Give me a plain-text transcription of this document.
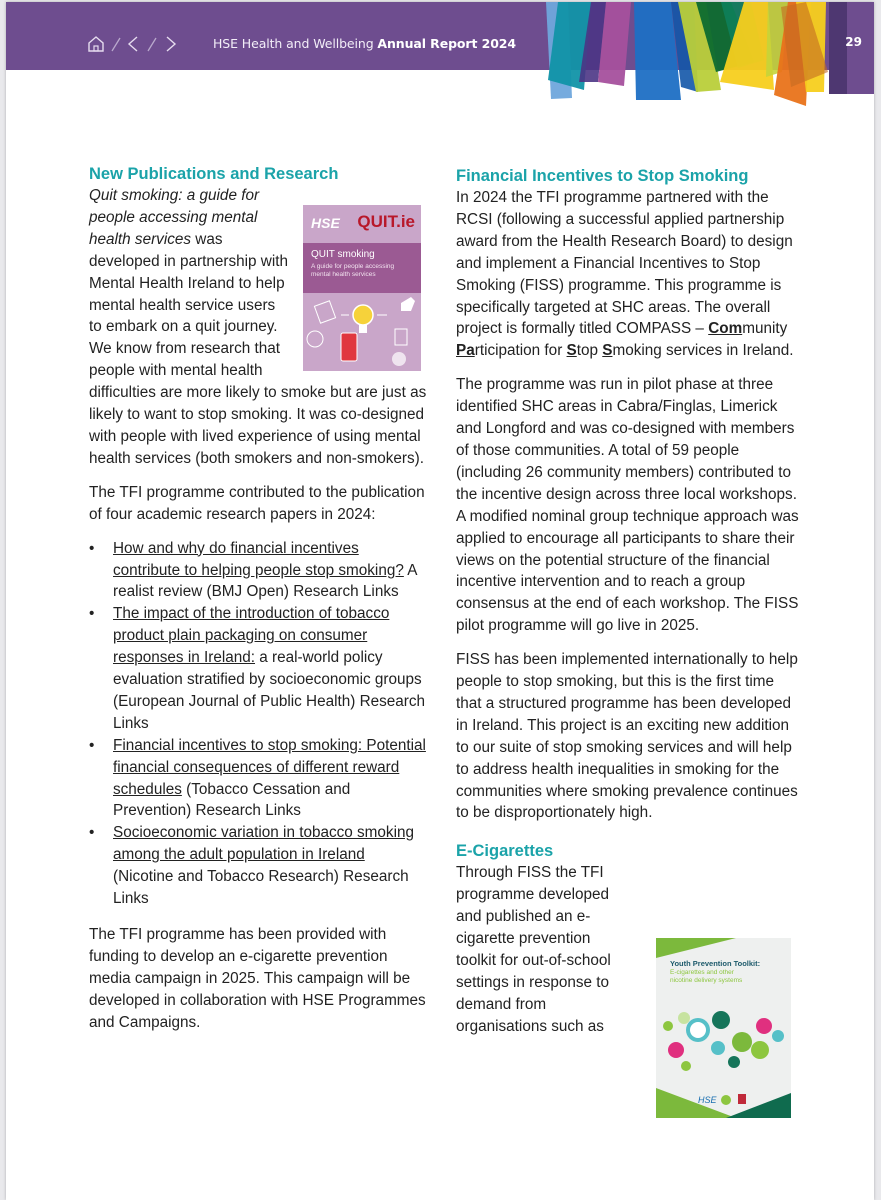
HSE Health and Wellbeing Annual Report 2024	29
New Publications and Research
HSE QUIT.ie
QUIT smoking
A guide for people accessing mental health services

Quit smoking: a guide for people accessing mental health services was developed in partnership with Mental Health Ireland to help mental health service users to embark on a quit journey. We know from research that people with mental health difficulties are more likely to smoke but are just as likely to want to stop smoking. It was co-designed with people with lived experience of using mental health services (both smokers and non-smokers).

The TFI programme contributed to the publication of four academic research papers in 2024:

• How and why do financial incentives contribute to helping people stop smoking? A realist review (BMJ Open) Research Links
• The impact of the introduction of tobacco product plain packaging on consumer responses in Ireland: a real-world policy evaluation stratified by socioeconomic groups (European Journal of Public Health) Research Links
• Financial incentives to stop smoking: Potential financial consequences of different reward schedules (Tobacco Cessation and Prevention) Research Links
• Socioeconomic variation in tobacco smoking among the adult population in Ireland (Nicotine and Tobacco Research) Research Links

The TFI programme has been provided with funding to develop an e-cigarette prevention media campaign in 2025. This campaign will be developed in collaboration with HSE Programmes and Campaigns.

Financial Incentives to Stop Smoking

In 2024 the TFI programme partnered with the RCSI (following a successful applied partnership award from the Health Research Board) to design and implement a Financial Incentives to Stop Smoking (FISS) programme. This programme is specifically targeted at SHC areas. The overall project is formally titled COMPASS – Community Participation for Stop Smoking services in Ireland.

The programme was run in pilot phase at three identified SHC areas in Cabra/Finglas, Limerick and Longford and was co-designed with members of those communities. A total of 59 people (including 26 community members) contributed to the incentive design across three local workshops. A modified nominal group technique approach was applied to encourage all participants to share their views on the potential structure of the financial incentive intervention and to reach a group consensus at the end of each workshop. The FISS pilot programme will go live in 2025.

FISS has been implemented internationally to help people to stop smoking, but this is the first time that a structured programme has been developed in Ireland. This project is an exciting new addition to our suite of stop smoking services and will help to address health inequalities in smoking for the communities where smoking prevalence continues to be disproportionately high.

E-Cigarettes

Through FISS the TFI programme developed and published an e-cigarette prevention toolkit for out-of-school settings in response to demand from organisations such as

HSE
Youth Prevention Toolkit:
E-cigarettes and other nicotine delivery systems
